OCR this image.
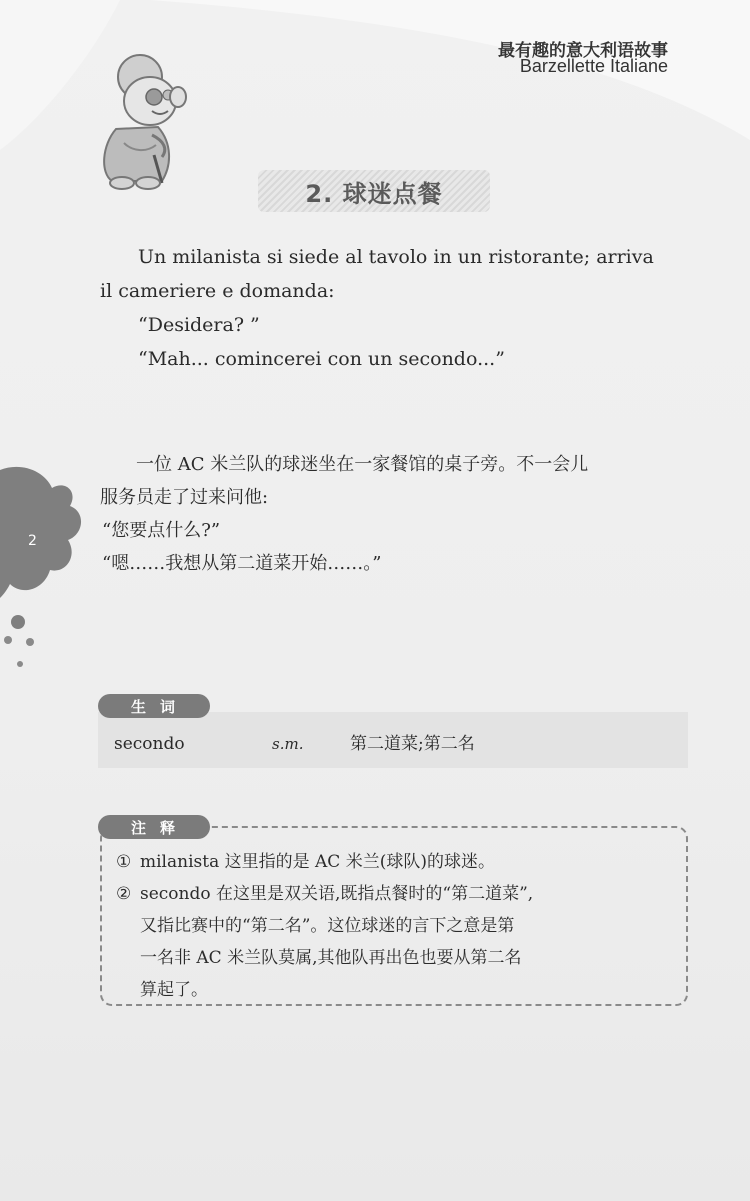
最有趣的意大利语故事
Barzellette Italiane
2. 球迷点餐
Un milanista si siede al tavolo in un ristorante; arriva
il cameriere e domanda:
“Desidera? ”
“Mah... comincerei con un secondo...”
一位 AC 米兰队的球迷坐在一家餐馆的桌子旁。不一会儿
服务员走了过来问他:
“您要点什么?”
“嗯……我想从第二道菜开始……。”
2
生词
secondo	s.m.	第二道菜;第二名
注释
① milanista 这里指的是 AC 米兰(球队)的球迷。
② secondo 在这里是双关语,既指点餐时的“第二道菜”,
又指比赛中的“第二名”。这位球迷的言下之意是第
一名非 AC 米兰队莫属,其他队再出色也要从第二名
算起了。
